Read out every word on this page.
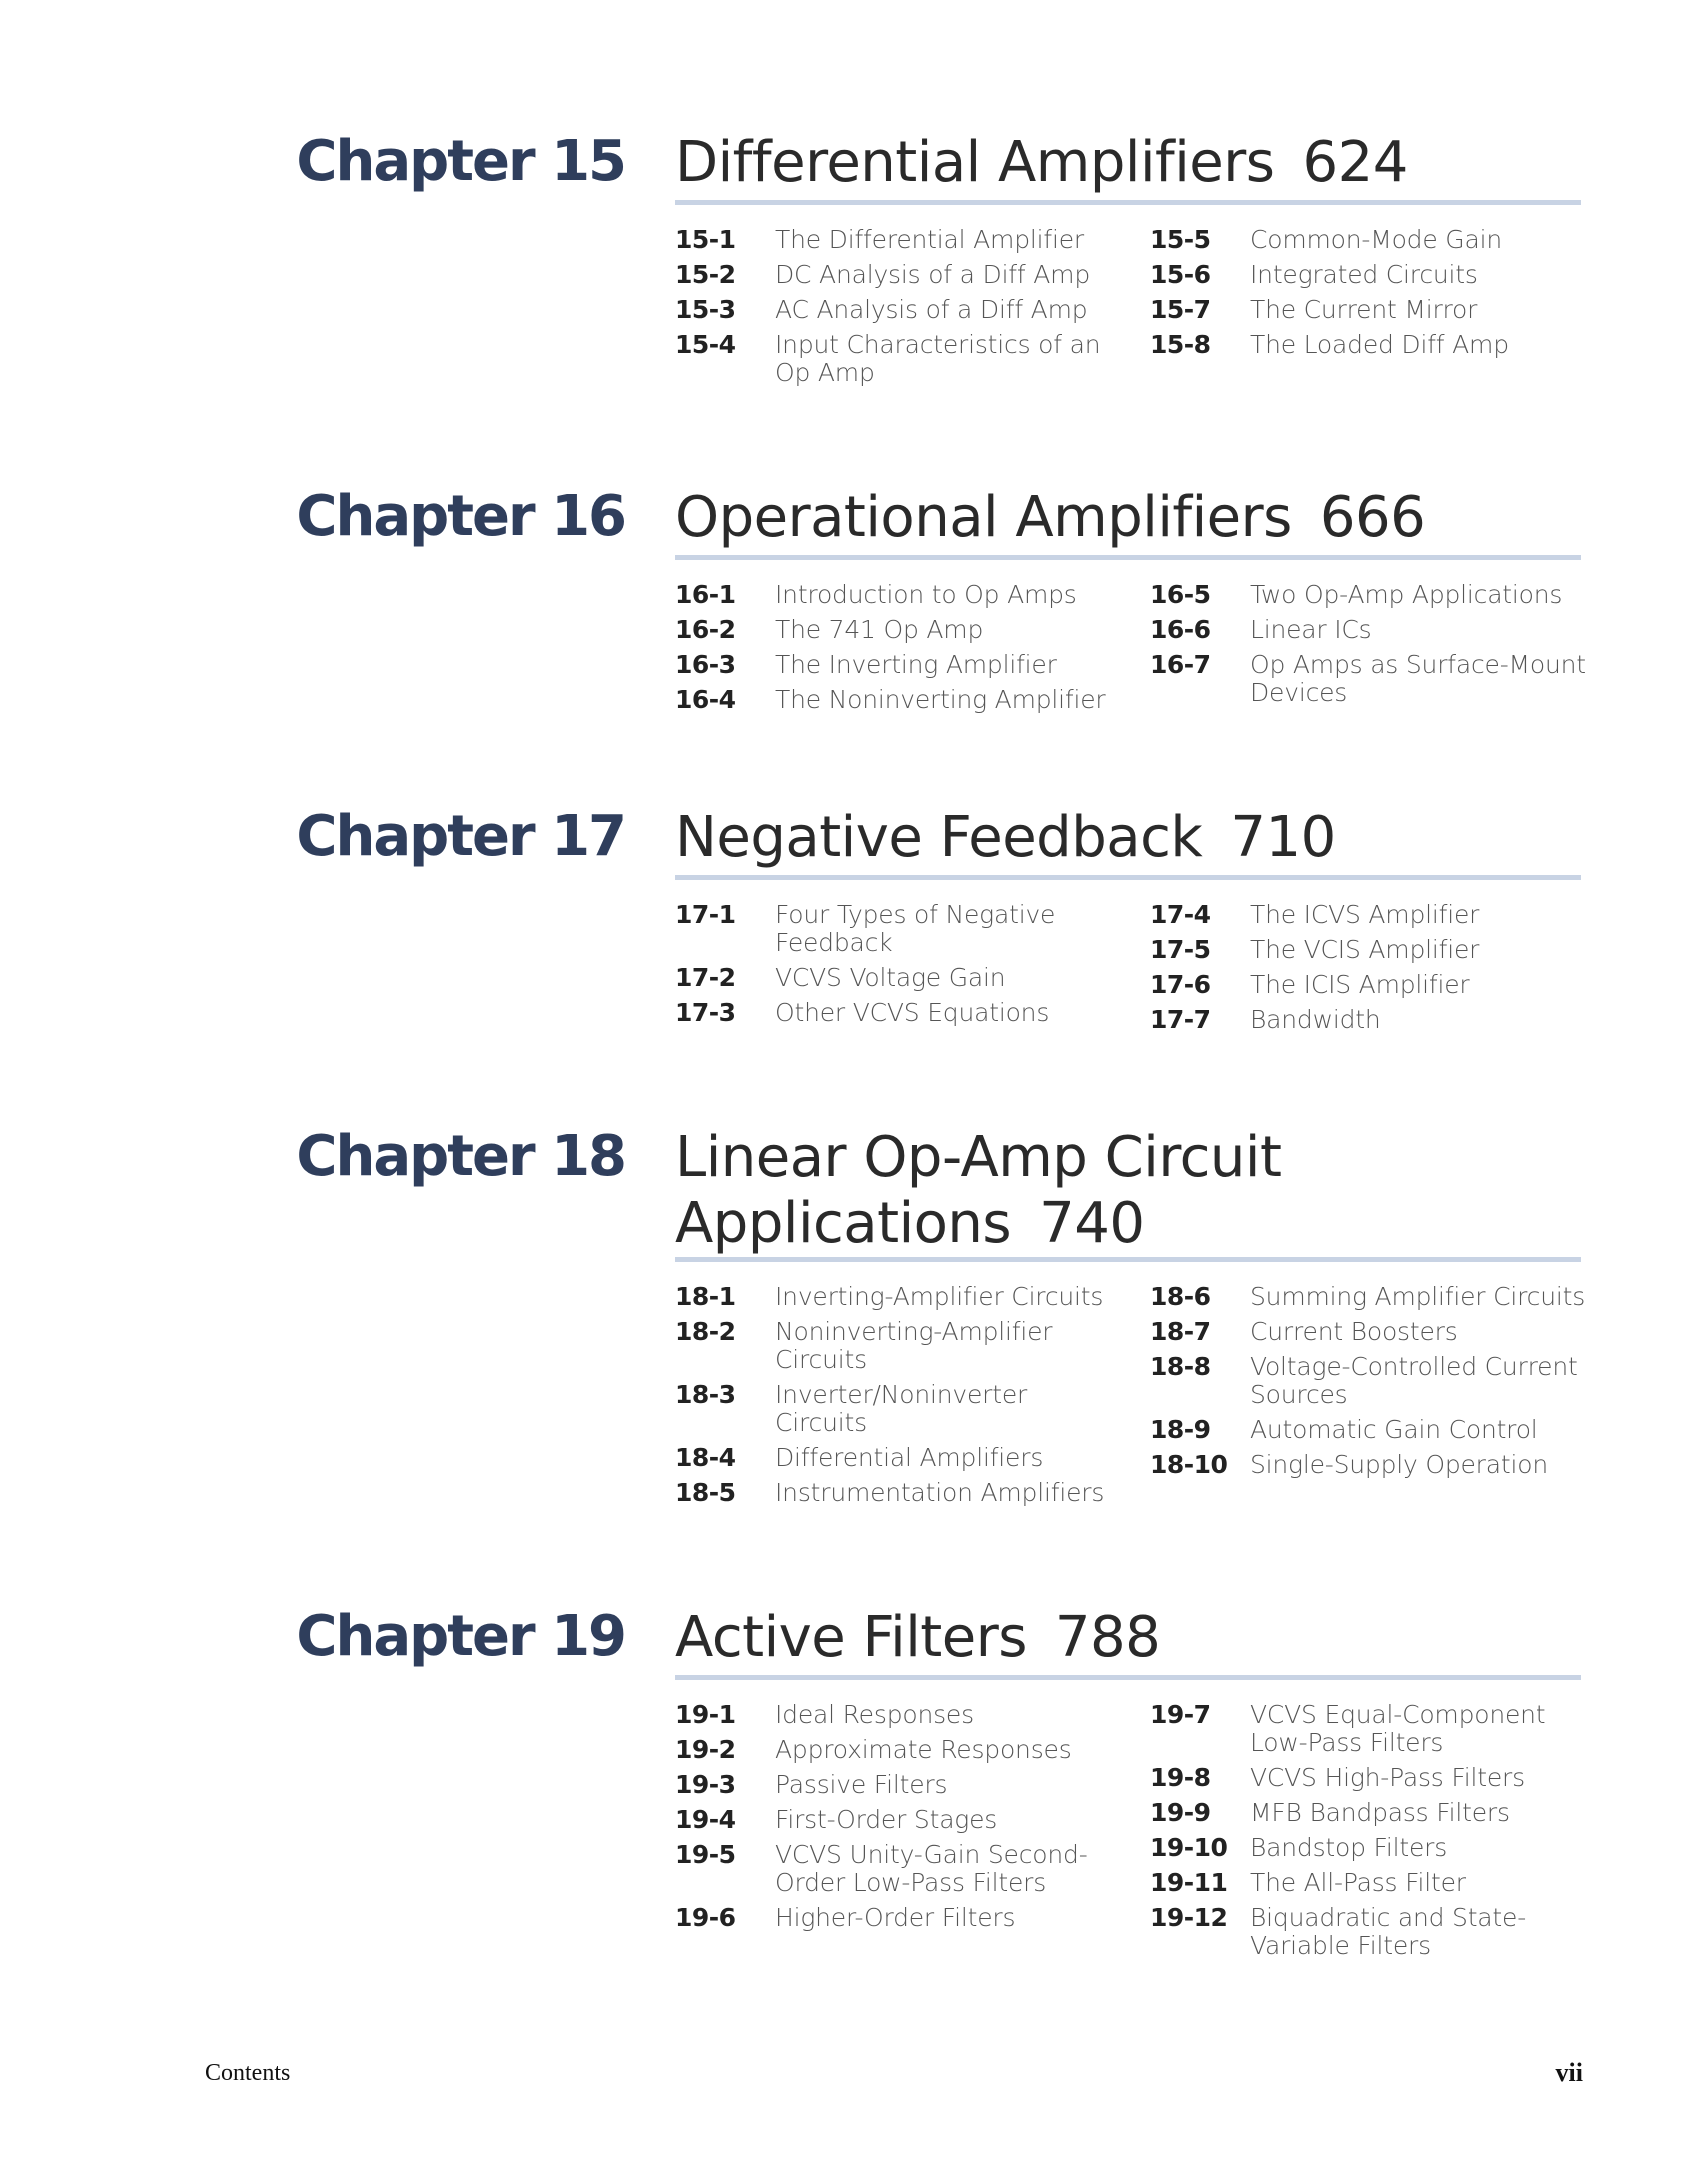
Chapter 15 Differential Amplifiers 624
15-1	The Differential Amplifier
15-2	DC Analysis of a Diff Amp
15-3	AC Analysis of a Diff Amp
15-4	Input Characteristics of an Op Amp
15-5	Common-Mode Gain
15-6	Integrated Circuits
15-7	The Current Mirror
15-8	The Loaded Diff Amp
Chapter 16 Operational Amplifiers 666
16-1	Introduction to Op Amps
16-2	The 741 Op Amp
16-3	The Inverting Amplifier
16-4	The Noninverting Amplifier
16-5	Two Op-Amp Applications
16-6	Linear ICs
16-7	Op Amps as Surface-Mount Devices
Chapter 17 Negative Feedback 710
17-1	Four Types of Negative Feedback
17-2	VCVS Voltage Gain
17-3	Other VCVS Equations
17-4	The ICVS Amplifier
17-5	The VCIS Amplifier
17-6	The ICIS Amplifier
17-7	Bandwidth
Chapter 18 Linear Op-Amp Circuit Applications 740
18-1	Inverting-Amplifier Circuits
18-2	Noninverting-Amplifier Circuits
18-3	Inverter/Noninverter Circuits
18-4	Differential Amplifiers
18-5	Instrumentation Amplifiers
18-6	Summing Amplifier Circuits
18-7	Current Boosters
18-8	Voltage-Controlled Current Sources
18-9	Automatic Gain Control
18-10 Single-Supply Operation
Chapter 19 Active Filters 788
19-1	Ideal Responses
19-2	Approximate Responses
19-3	Passive Filters
19-4	First-Order Stages
19-5	VCVS Unity-Gain Second-Order Low-Pass Filters
19-6	Higher-Order Filters
19-7	VCVS Equal-Component Low-Pass Filters
19-8	VCVS High-Pass Filters
19-9	MFB Bandpass Filters
19-10 Bandstop Filters
19-11 The All-Pass Filter
19-12 Biquadratic and State-Variable Filters
Contents	vii
